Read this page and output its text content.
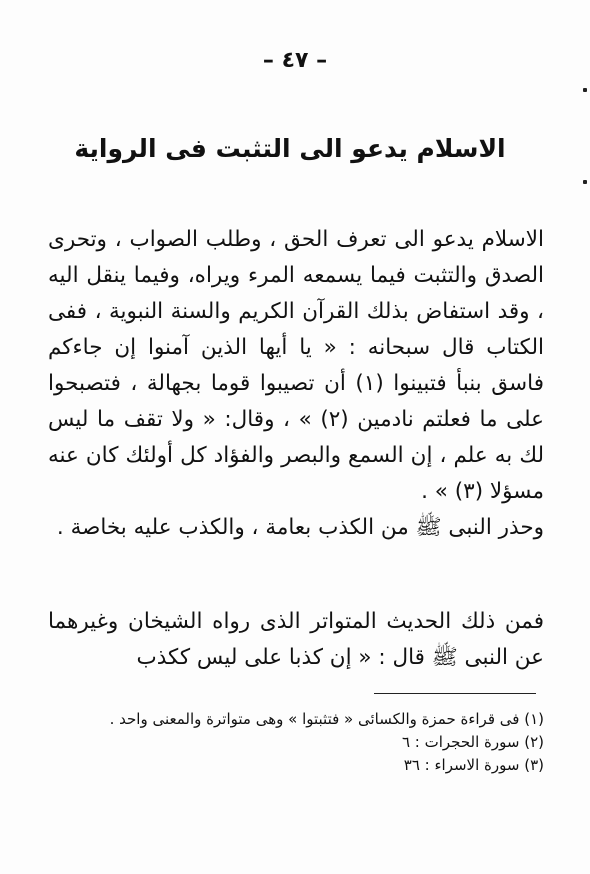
– ٤٧ –
الاسلام يدعو الى التثبت فى الرواية

الاسلام يدعو الى تعرف الحق ، وطلب الصواب ، وتحرى الصدق والتثبت فيما يسمعه المرء ويراه، وفيما ينقل اليه ، وقد استفاض بذلك القرآن الكريم والسنة النبوية ، ففى الكتاب قال سبحانه : « يا أيها الذين آمنوا إن جاءكم فاسق بنبأ فتبينوا (١) أن تصيبوا قوما بجهالة ، فتصبحوا على ما فعلتم نادمين (٢) » ، وقال: « ولا تقف ما ليس لك به علم ، إن السمع والبصر والفؤاد كل أولئك كان عنه مسؤلا (٣) » .

وحذر النبى ﷺ من الكذب بعامة ، والكذب عليه بخاصة .

فمن ذلك الحديث المتواتر الذى رواه الشيخان وغيرهما عن النبى ﷺ قال : « إن كذبا على ليس ككذب

(١) فى قراءة حمزة والكسائى « فتثبتوا » وهى متواترة والمعنى واحد .
(٢) سورة الحجرات : ٦
(٣) سورة الاسراء : ٣٦
